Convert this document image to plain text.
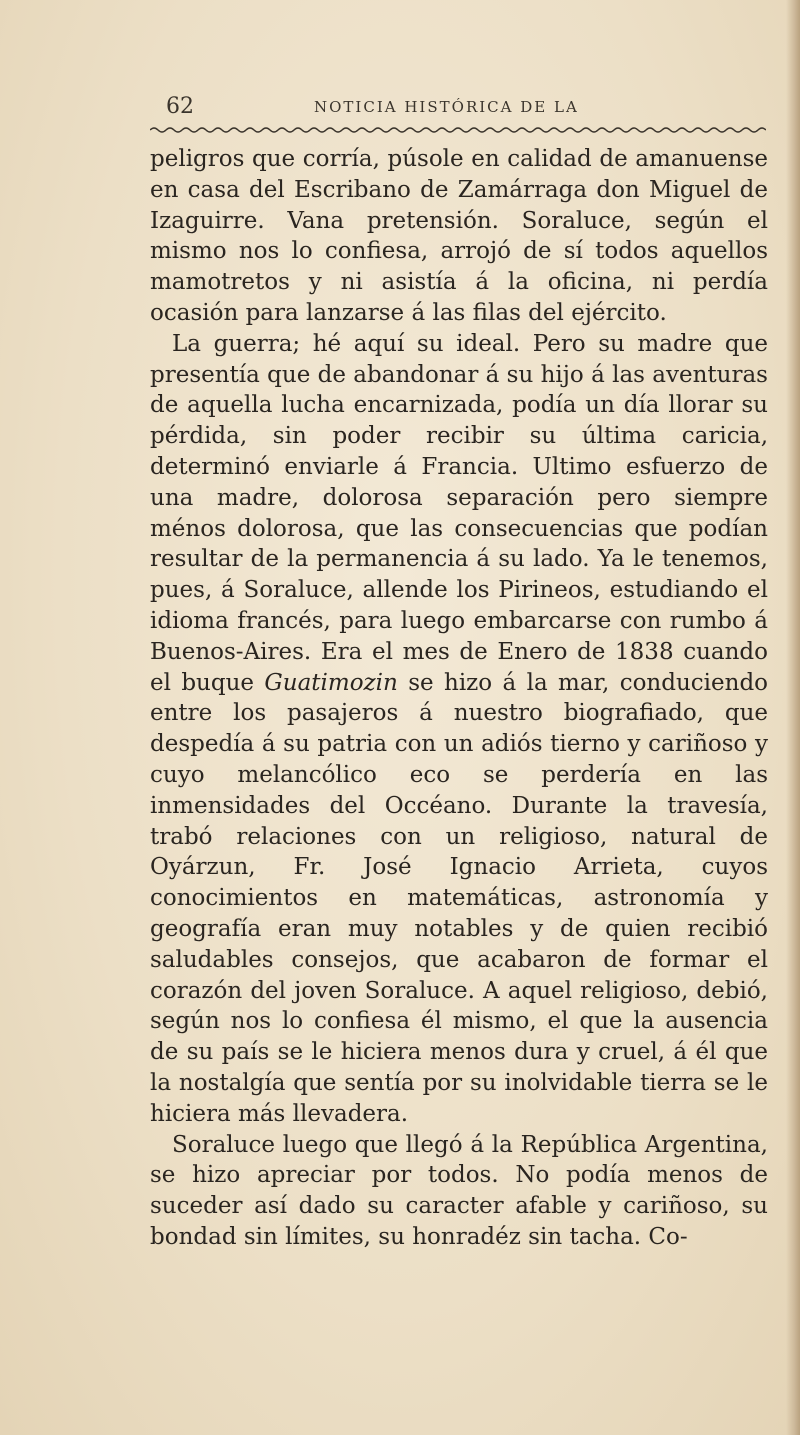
62	NOTICIA HISTÓRICA DE LA

peligros que corría, púsole en calidad de amanuense en casa del Escribano de Zamárraga don Miguel de Izaguirre. Vana pretensión. Soraluce, según el mismo nos lo confiesa, arrojó de sí todos aquellos mamotretos y ni asistía á la oficina, ni perdía ocasión para lanzarse á las filas del ejército.

La guerra; hé aquí su ideal. Pero su madre que presentía que de abandonar á su hijo á las aventuras de aquella lucha encarnizada, podía un día llorar su pérdida, sin poder recibir su última caricia, determinó enviarle á Francia. Ultimo esfuerzo de una madre, dolorosa separación pero siempre ménos dolorosa, que las consecuencias que podían resultar de la permanencia á su lado. Ya le tenemos, pues, á Soraluce, allende los Pirineos, estudiando el idioma francés, para luego embarcarse con rumbo á Buenos-Aires. Era el mes de Enero de 1838 cuando el buque Guatimozin se hizo á la mar, conduciendo entre los pasajeros á nuestro biografiado, que despedía á su patria con un adiós tierno y cariñoso y cuyo melancólico eco se perdería en las inmensidades del Occéano. Durante la travesía, trabó relaciones con un religioso, natural de Oyárzun, Fr. José Ignacio Arrieta, cuyos conocimientos en matemáticas, astronomía y geografía eran muy notables y de quien recibió saludables consejos, que acabaron de formar el corazón del joven Soraluce. A aquel religioso, debió, según nos lo confiesa él mismo, el que la ausencia de su país se le hiciera menos dura y cruel, á él que la nostalgía que sentía por su inolvidable tierra se le hiciera más llevadera.

Soraluce luego que llegó á la República Argentina, se hizo apreciar por todos. No podía menos de suceder así dado su caracter afable y cariñoso, su bondad sin límites, su honradéz sin tacha. Co-
